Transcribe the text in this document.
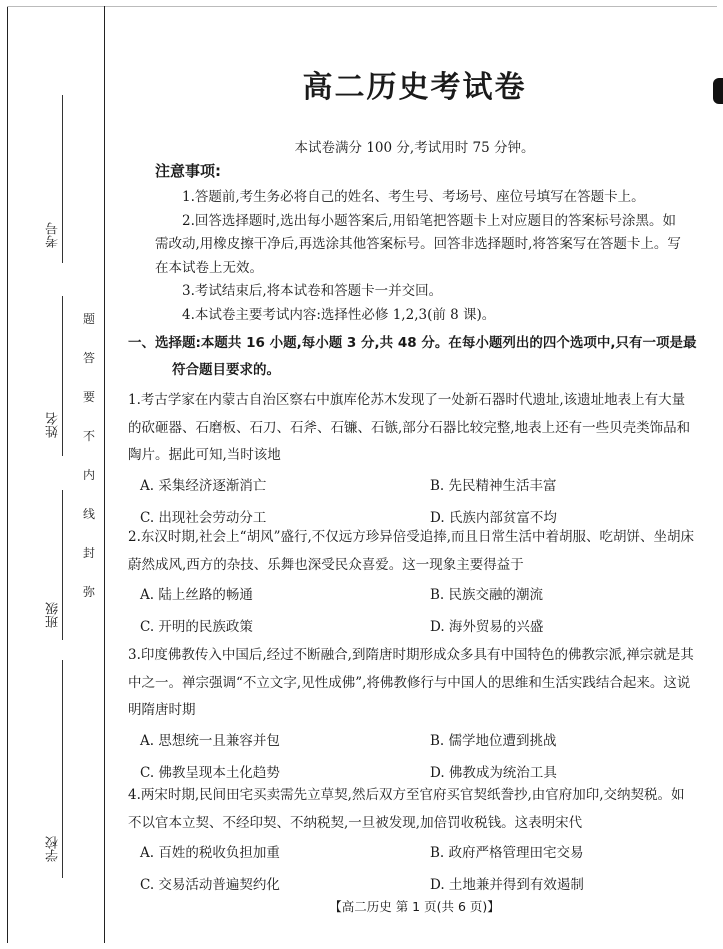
考号
姓名
班级
学校
题
答
要
不
内
线
封
弥
高二历史考试卷
本试卷满分 100 分,考试用时 75 分钟。
注意事项:

1.答题前,考生务必将自己的姓名、考生号、考场号、座位号填写在答题卡上。

2.回答选择题时,选出每小题答案后,用铅笔把答题卡上对应题目的答案标号涂黑。如需改动,用橡皮擦干净后,再选涂其他答案标号。回答非选择题时,将答案写在答题卡上。写在本试卷上无效。

3.考试结束后,将本试卷和答题卡一并交回。

4.本试卷主要考试内容:选择性必修 1,2,3(前 8 课)。

一、选择题:本题共 16 小题,每小题 3 分,共 48 分。在每小题列出的四个选项中,只有一项是最
符合题目要求的。

1.考古学家在内蒙古自治区察右中旗库伦苏木发现了一处新石器时代遗址,该遗址地表上有大量的砍砸器、石磨板、石刀、石斧、石镰、石镞,部分石器比较完整,地表上还有一些贝壳类饰品和陶片。据此可知,当时该地

A. 采集经济逐渐消亡	B. 先民精神生活丰富
C. 出现社会劳动分工	D. 氏族内部贫富不均

2.东汉时期,社会上“胡风”盛行,不仅远方珍异倍受追捧,而且日常生活中着胡服、吃胡饼、坐胡床蔚然成风,西方的杂技、乐舞也深受民众喜爱。这一现象主要得益于

A. 陆上丝路的畅通	B. 民族交融的潮流
C. 开明的民族政策	D. 海外贸易的兴盛

3.印度佛教传入中国后,经过不断融合,到隋唐时期形成众多具有中国特色的佛教宗派,禅宗就是其中之一。禅宗强调“不立文字,见性成佛”,将佛教修行与中国人的思维和生活实践结合起来。这说明隋唐时期

A. 思想统一且兼容并包	B. 儒学地位遭到挑战
C. 佛教呈现本土化趋势	D. 佛教成为统治工具

4.两宋时期,民间田宅买卖需先立草契,然后双方至官府买官契纸誊抄,由官府加印,交纳契税。如不以官本立契、不经印契、不纳税契,一旦被发现,加倍罚收税钱。这表明宋代

A. 百姓的税收负担加重	B. 政府严格管理田宅交易
C. 交易活动普遍契约化	D. 土地兼并得到有效遏制
【高二历史 第 1 页(共 6 页)】
